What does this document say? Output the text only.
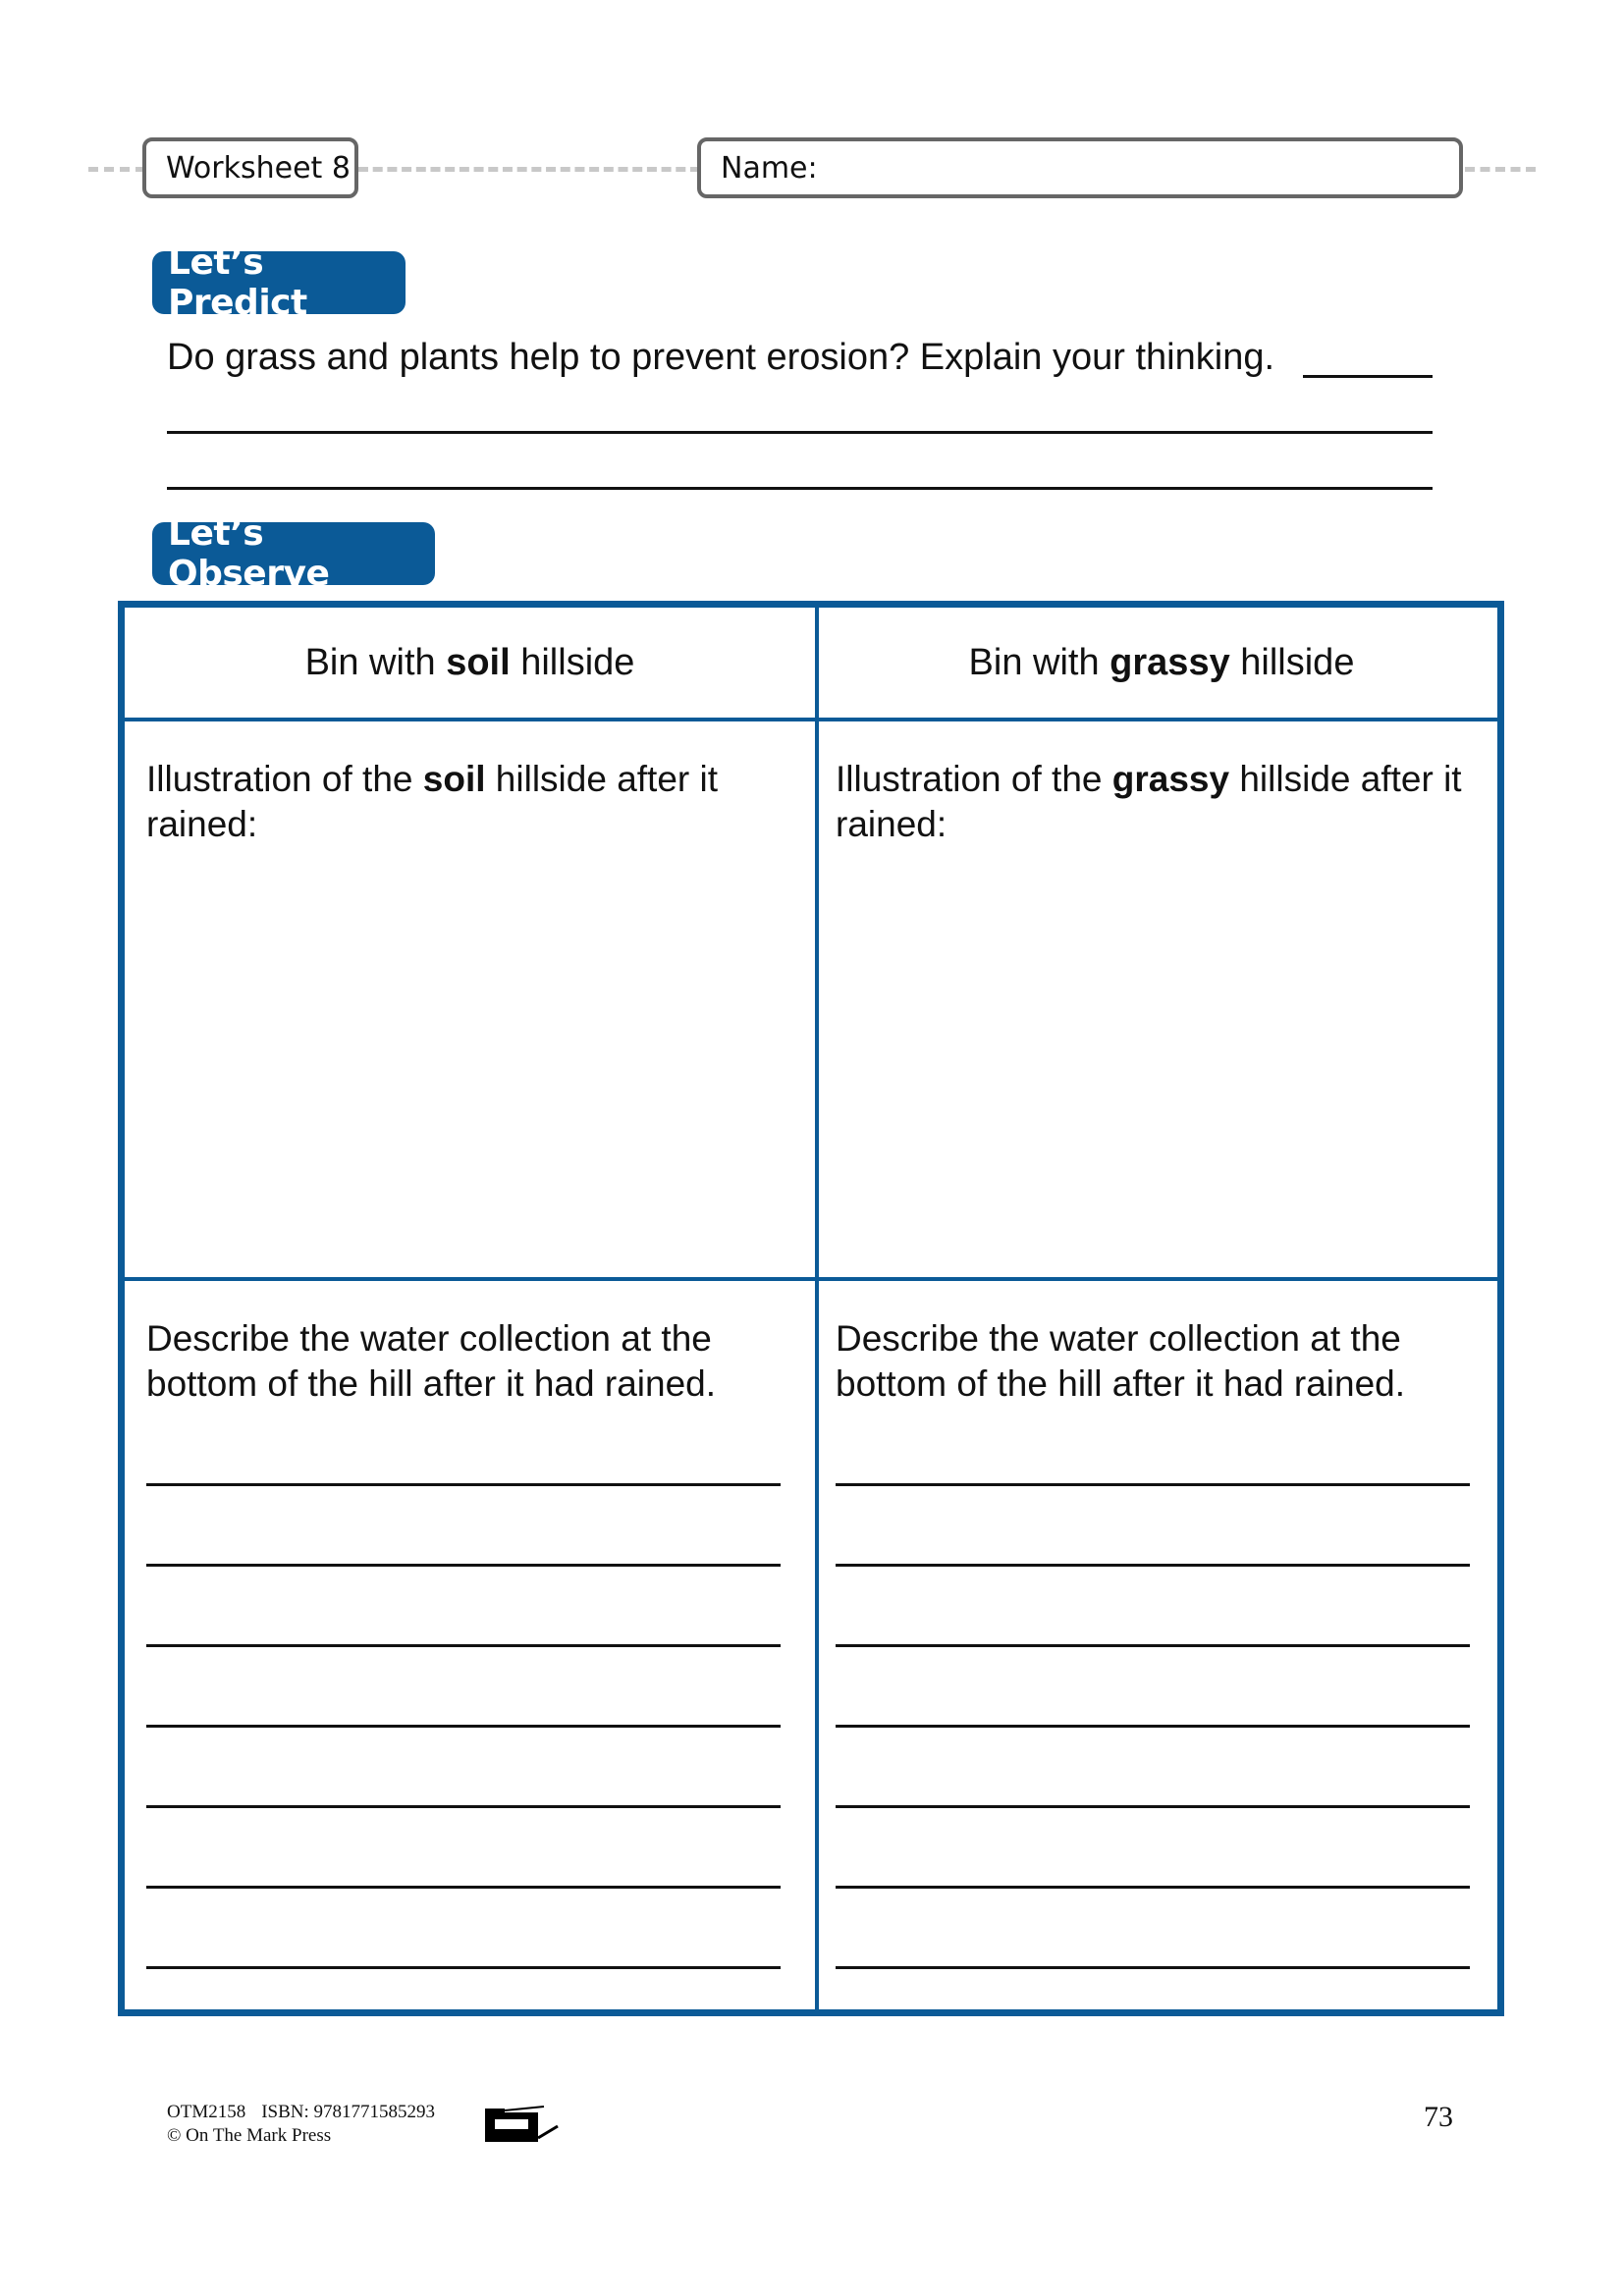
Worksheet 8	Name:
Let’s Predict
Do grass and plants help to prevent erosion? Explain your thinking.
Let’s Observe
Bin with soil hillside	Bin with grassy hillside
Illustration of the soil hillside after it rained:
Illustration of the grassy hillside after it rained:
Describe the water collection at the bottom of the hill after it had rained.
Describe the water collection at the bottom of the hill after it had rained.
OTM2158 ISBN: 9781771585293
© On The Mark Press
73
